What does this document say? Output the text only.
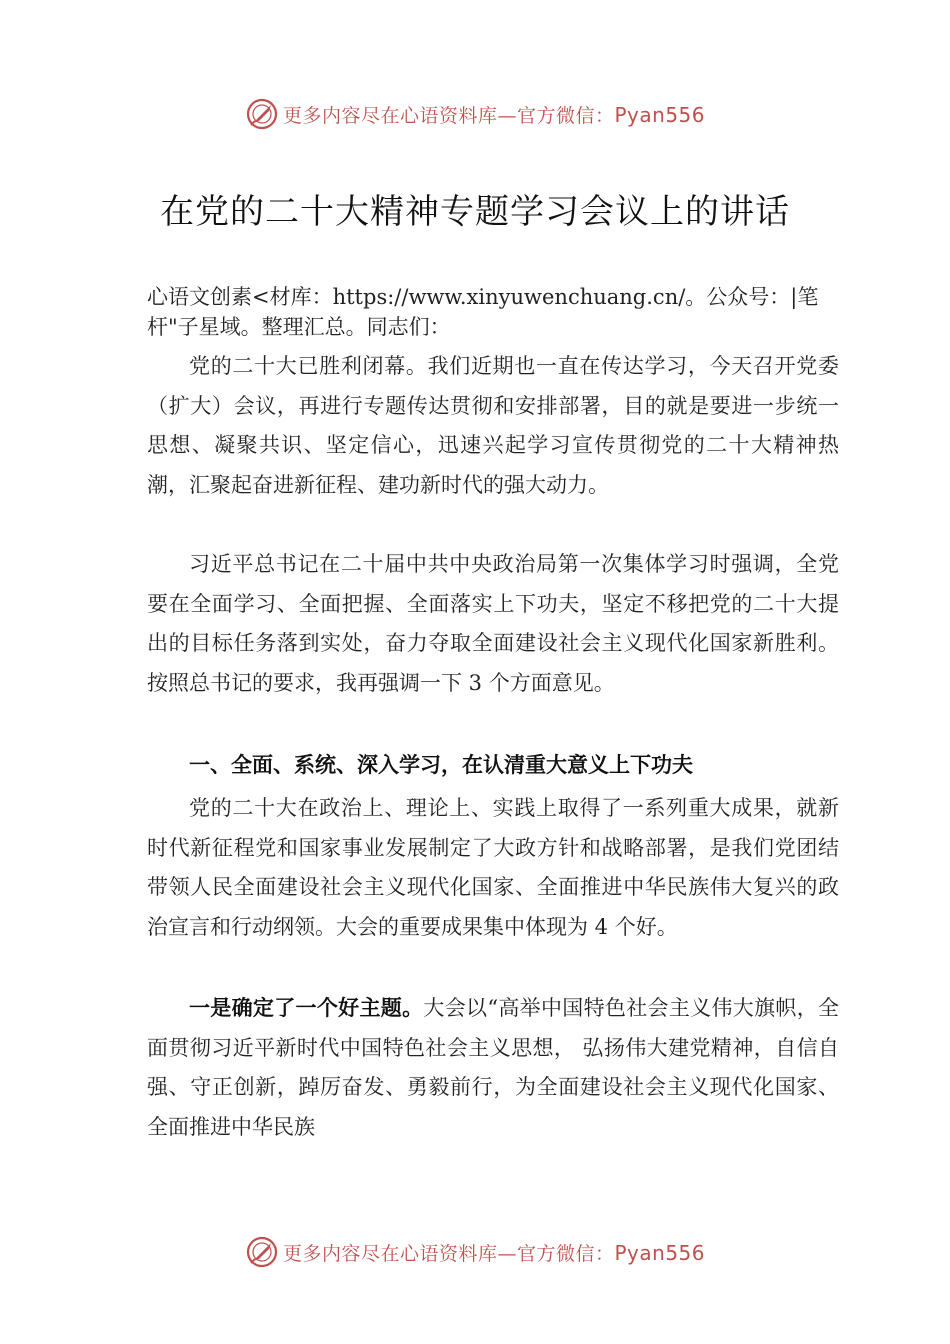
更多内容尽在心语资料库—官方微信：Pyan556
在党的二十大精神专题学习会议上的讲话
心语文创素<材库：https://www.xinyuwenchuang.cn/。公众号：|笔杆"子星域。整理汇总。同志们：

党的二十大已胜利闭幕。我们近期也一直在传达学习，今天召开党委（扩大）会议，再进行专题传达贯彻和安排部署，目的就是要进一步统一思想、凝聚共识、坚定信心，迅速兴起学习宣传贯彻党的二十大精神热潮，汇聚起奋进新征程、建功新时代的强大动力。

习近平总书记在二十届中共中央政治局第一次集体学习时强调，全党要在全面学习、全面把握、全面落实上下功夫，坚定不移把党的二十大提出的目标任务落到实处，奋力夺取全面建设社会主义现代化国家新胜利。按照总书记的要求，我再强调一下 3 个方面意见。

一、全面、系统、深入学习，在认清重大意义上下功夫

党的二十大在政治上、理论上、实践上取得了一系列重大成果，就新时代新征程党和国家事业发展制定了大政方针和战略部署，是我们党团结带领人民全面建设社会主义现代化国家、全面推进中华民族伟大复兴的政治宣言和行动纲领。大会的重要成果集中体现为 4 个好。

一是确定了一个好主题。大会以“高举中国特色社会主义伟大旗帜，全面贯彻习近平新时代中国特色社会主义思想， 弘扬伟大建党精神，自信自强、守正创新，踔厉奋发、勇毅前行，为全面建设社会主义现代化国家、全面推进中华民族

更多内容尽在心语资料库—官方微信：Pyan556
